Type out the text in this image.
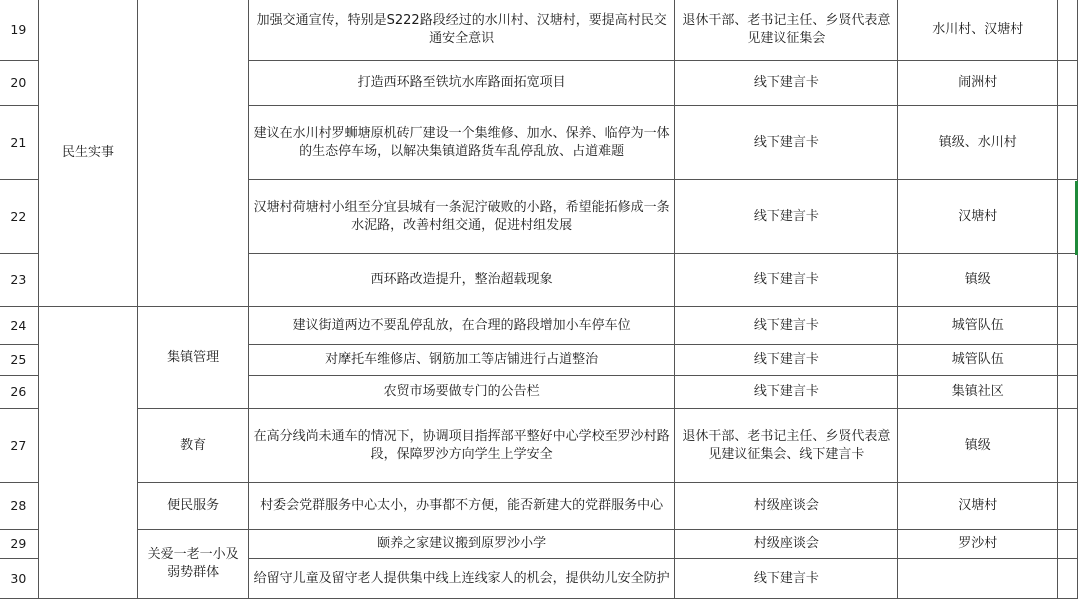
19	民生实事		加强交通宣传，特别是S222路段经过的水川村、汉塘村，要提高村民交通安全意识	退休干部、老书记主任、乡贤代表意见建议征集会	水川村、汉塘村	
20			打造西环路至铁坑水库路面拓宽项目	线下建言卡	闹洲村	
21			建议在水川村罗蛳塘原机砖厂建设一个集维修、加水、保养、临停为一体的生态停车场，以解决集镇道路货车乱停乱放、占道难题	线下建言卡	镇级、水川村	
22			汉塘村荷塘村小组至分宜县城有一条泥泞破败的小路，希望能拓修成一条水泥路，改善村组交通，促进村组发展	线下建言卡	汉塘村	
23			西环路改造提升，整治超载现象	线下建言卡	镇级	
24		集镇管理	建议街道两边不要乱停乱放，在合理的路段增加小车停车位	线下建言卡	城管队伍	
25			对摩托车维修店、钢筋加工等店铺进行占道整治	线下建言卡	城管队伍	
26			农贸市场要做专门的公告栏	线下建言卡	集镇社区	
27		教育	在高分线尚未通车的情况下，协调项目指挥部平整好中心学校至罗沙村路段，保障罗沙方向学生上学安全	退休干部、老书记主任、乡贤代表意见建议征集会、线下建言卡	镇级	
28		便民服务	村委会党群服务中心太小，办事都不方便，能否新建大的党群服务中心	村级座谈会	汉塘村	
29		关爱一老一小及弱势群体	颐养之家建议搬到原罗沙小学	村级座谈会	罗沙村	
30			给留守儿童及留守老人提供集中线上连线家人的机会，提供幼儿安全防护	线下建言卡		
